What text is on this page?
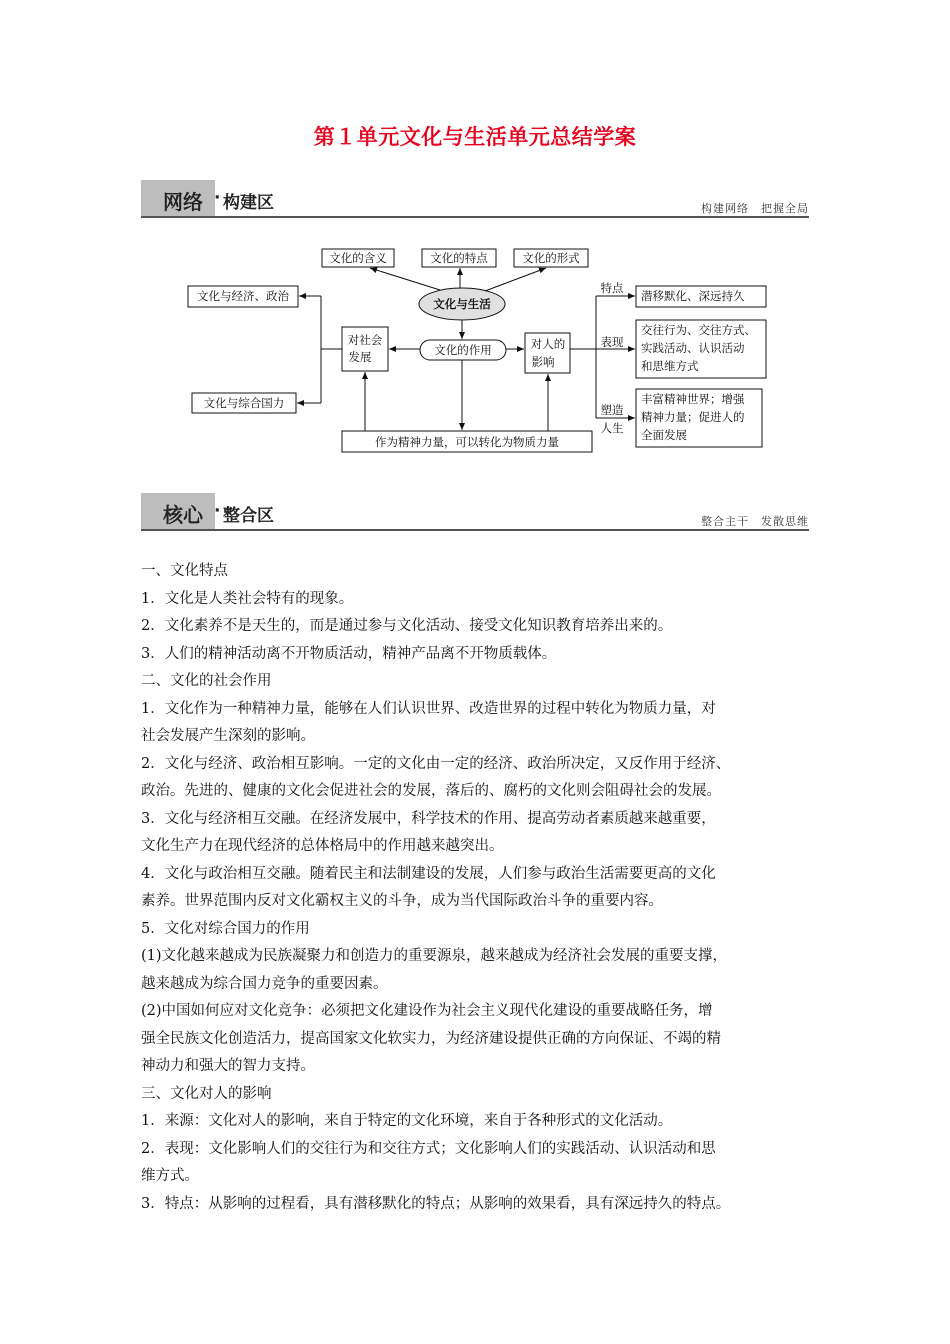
第１单元文化与生活单元总结学案
网络 · 构建区	构建网络　把握全局
文化的含义	文化的特点	文化的形式
文化与生活
文化的作用
文化与经济、政治
文化与综合国力
对社会
发展
对人的
影响
作为精神力量，可以转化为物质力量
特点
表现
塑造
人生
潜移默化、深远持久
交往行为、交往方式、
实践活动、认识活动
和思维方式
丰富精神世界；增强
精神力量；促进人的
全面发展
核心 · 整合区	整合主干　发散思维

一、文化特点

1．文化是人类社会特有的现象。

2．文化素养不是天生的，而是通过参与文化活动、接受文化知识教育培养出来的。

3．人们的精神活动离不开物质活动，精神产品离不开物质载体。

二、文化的社会作用

1．文化作为一种精神力量，能够在人们认识世界、改造世界的过程中转化为物质力量，对

社会发展产生深刻的影响。

2．文化与经济、政治相互影响。一定的文化由一定的经济、政治所决定，又反作用于经济、

政治。先进的、健康的文化会促进社会的发展，落后的、腐朽的文化则会阻碍社会的发展。

3．文化与经济相互交融。在经济发展中，科学技术的作用、提高劳动者素质越来越重要，

文化生产力在现代经济的总体格局中的作用越来越突出。

4．文化与政治相互交融。随着民主和法制建设的发展，人们参与政治生活需要更高的文化

素养。世界范围内反对文化霸权主义的斗争，成为当代国际政治斗争的重要内容。

5．文化对综合国力的作用

(1)文化越来越成为民族凝聚力和创造力的重要源泉，越来越成为经济社会发展的重要支撑，

越来越成为综合国力竞争的重要因素。

(2)中国如何应对文化竞争：必须把文化建设作为社会主义现代化建设的重要战略任务，增

强全民族文化创造活力，提高国家文化软实力，为经济建设提供正确的方向保证、不竭的精

神动力和强大的智力支持。

三、文化对人的影响

1．来源：文化对人的影响，来自于特定的文化环境，来自于各种形式的文化活动。

2．表现：文化影响人们的交往行为和交往方式；文化影响人们的实践活动、认识活动和思

维方式。

3．特点：从影响的过程看，具有潜移默化的特点；从影响的效果看，具有深远持久的特点。
